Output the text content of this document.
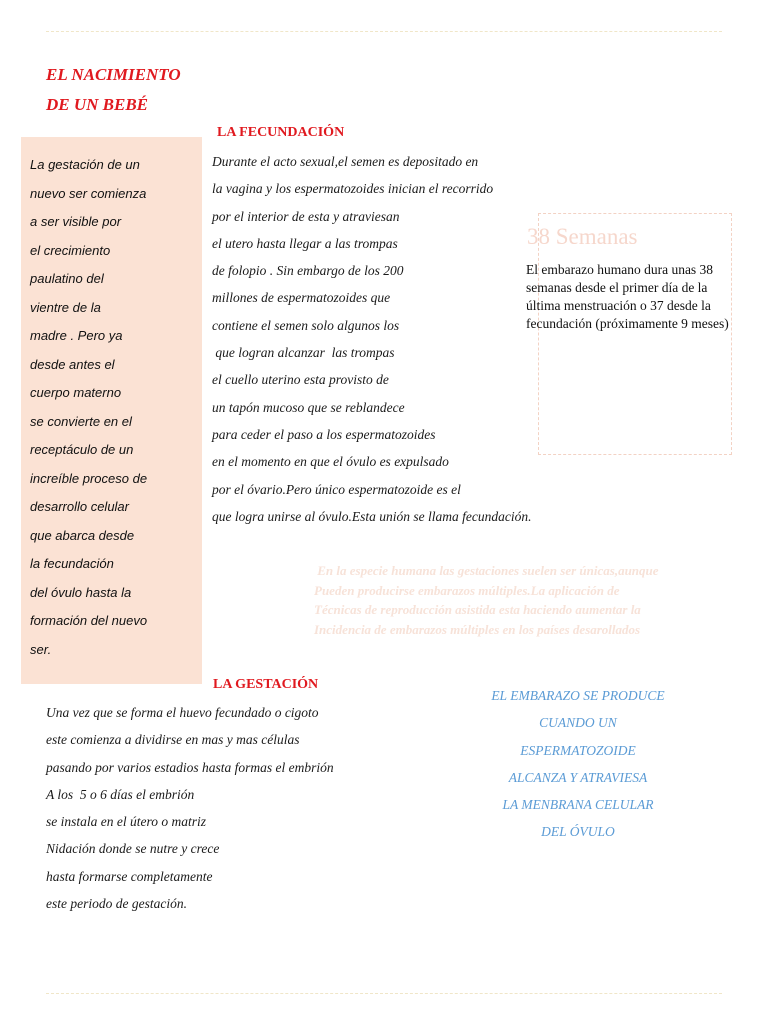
EL NACIMIENTO
DE UN BEBÉ
La gestación de un
nuevo ser comienza
a ser visible por
el crecimiento
paulatino del
vientre de la
madre . Pero ya
desde antes el
cuerpo materno
se convierte en el
receptáculo de un
increíble proceso de
desarrollo celular
que abarca desde
la fecundación
del óvulo hasta la
formación del nuevo
ser.
LA FECUNDACIÓN
Durante el acto sexual,el semen es depositado en
la vagina y los espermatozoides inician el recorrido
por el interior de esta y atraviesan
el utero hasta llegar a las trompas
de folopio . Sin embargo de los 200
millones de espermatozoides que
contiene el semen solo algunos los
que logran alcanzar  las trompas
el cuello uterino esta provisto de
un tapón mucoso que se reblandece
para ceder el paso a los espermatozoides
en el momento en que el óvulo es expulsado
por el óvario.Pero único espermatozoide es el
que logra unirse al óvulo.Esta unión se llama fecundación.
38 Semanas

El embarazo humano dura unas 38 semanas desde el primer día de la última menstruación o 37 desde la fecundación (próximamente 9 meses)

En la especie humana las gestaciones suelen ser únicas,aunque
Pueden producirse embarazos múltiples.La aplicación de
Técnicas de reproducción asistida esta haciendo aumentar la
Incidencia de embarazos múltiples en los países desarollados
LA GESTACIÓN
Una vez que se forma el huevo fecundado o cigoto
este comienza a dividirse en mas y mas células
pasando por varios estadios hasta formas el embrión
A los  5 o 6 días el embrión
se instala en el útero o matriz
Nidación donde se nutre y crece
hasta formarse completamente
este periodo de gestación.
EL EMBARAZO SE PRODUCE
CUANDO UN
ESPERMATOZOIDE
ALCANZA Y ATRAVIESA
LA MENBRANA CELULAR
DEL ÓVULO
